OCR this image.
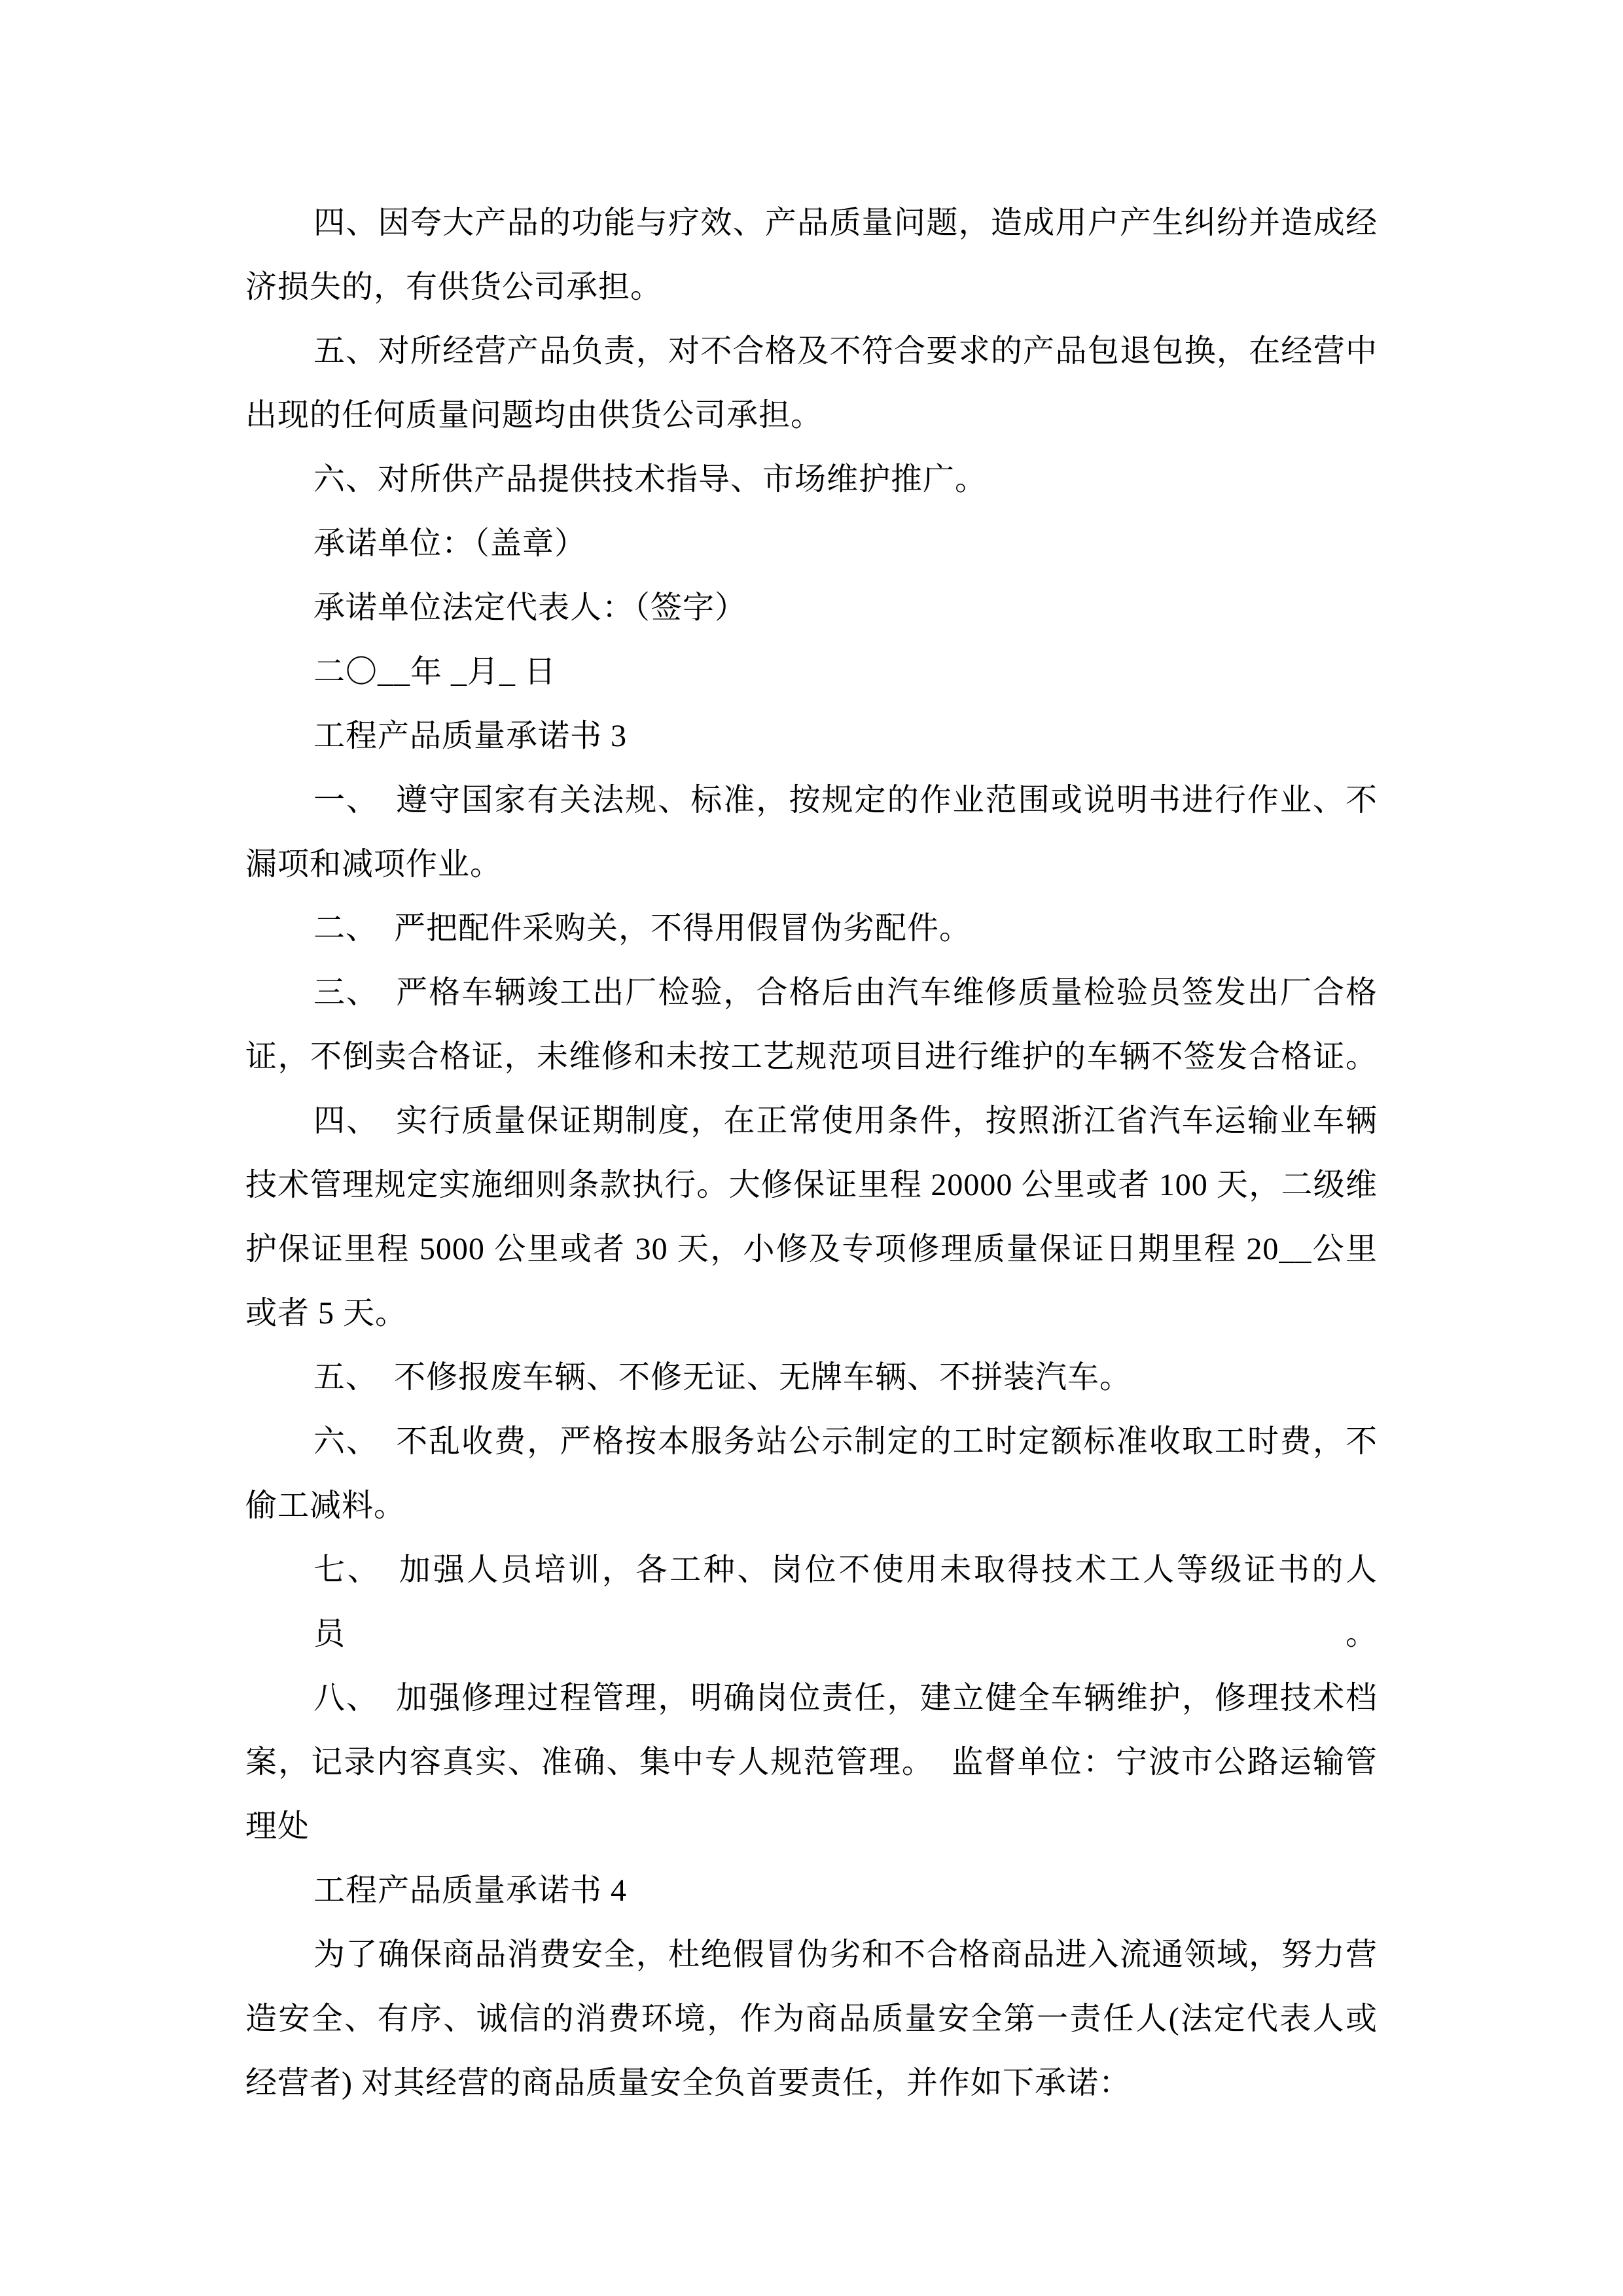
四、因夸大产品的功能与疗效、产品质量问题，造成用户产生纠纷并造成经
济损失的，有供货公司承担。
五、对所经营产品负责，对不合格及不符合要求的产品包退包换，在经营中
出现的任何质量问题均由供货公司承担。
六、对所供产品提供技术指导、市场维护推广。
承诺单位：（盖章）
承诺单位法定代表人：（签字）
二〇__年 _月_ 日
工程产品质量承诺书 3
一、　遵守国家有关法规、标准，按规定的作业范围或说明书进行作业、不
漏项和减项作业。
二、　严把配件采购关，不得用假冒伪劣配件。
三、　严格车辆竣工出厂检验，合格后由汽车维修质量检验员签发出厂合格
证，不倒卖合格证，未维修和未按工艺规范项目进行维护的车辆不签发合格证。
四、　实行质量保证期制度，在正常使用条件，按照浙江省汽车运输业车辆
技术管理规定实施细则条款执行。大修保证里程 20000 公里或者 100 天，二级维
护保证里程 5000 公里或者 30 天，小修及专项修理质量保证日期里程 20__公里
或者 5 天。
五、　不修报废车辆、不修无证、无牌车辆、不拼装汽车。
六、　不乱收费，严格按本服务站公示制定的工时定额标准收取工时费，不
偷工减料。
七、　加强人员培训，各工种、岗位不使用未取得技术工人等级证书的人员。
八、　加强修理过程管理，明确岗位责任，建立健全车辆维护，修理技术档
案，记录内容真实、准确、集中专人规范管理。　监督单位：宁波市公路运输管
理处
工程产品质量承诺书 4
为了确保商品消费安全，杜绝假冒伪劣和不合格商品进入流通领域，努力营
造安全、有序、诚信的消费环境，作为商品质量安全第一责任人(法定代表人或
经营者) 对其经营的商品质量安全负首要责任，并作如下承诺：
